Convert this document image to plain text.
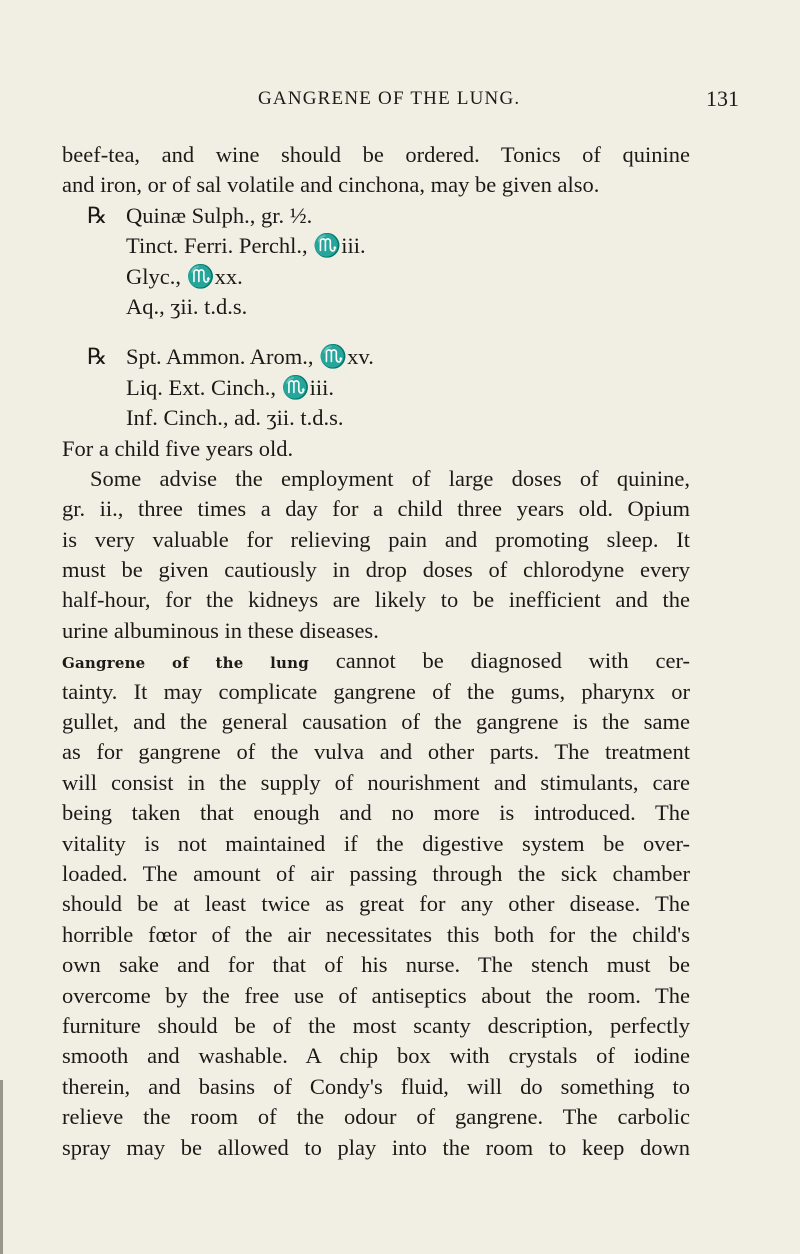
GANGRENE OF THE LUNG.	131
beef-tea, and wine should be ordered. Tonics of quinine
and iron, or of sal volatile and cinchona, may be given also.
℞ Quinæ Sulph., gr. ½.
Tinct. Ferri. Perchl., ♏iii.
Glyc., ♏xx.
Aq., ʒii. t.d.s.
℞ Spt. Ammon. Arom., ♏xv.
Liq. Ext. Cinch., ♏iii.
Inf. Cinch., ad. ʒii. t.d.s.
For a child five years old.
Some advise the employment of large doses of quinine,
gr. ii., three times a day for a child three years old. Opium
is very valuable for relieving pain and promoting sleep. It
must be given cautiously in drop doses of chlorodyne every
half-hour, for the kidneys are likely to be inefficient and the
urine albuminous in these diseases.
Gangrene of the lung cannot be diagnosed with cer-
tainty. It may complicate gangrene of the gums, pharynx or
gullet, and the general causation of the gangrene is the same
as for gangrene of the vulva and other parts. The treatment
will consist in the supply of nourishment and stimulants, care
being taken that enough and no more is introduced. The
vitality is not maintained if the digestive system be over-
loaded. The amount of air passing through the sick chamber
should be at least twice as great for any other disease. The
horrible fœtor of the air necessitates this both for the child's
own sake and for that of his nurse. The stench must be
overcome by the free use of antiseptics about the room. The
furniture should be of the most scanty description, perfectly
smooth and washable. A chip box with crystals of iodine
therein, and basins of Condy's fluid, will do something to
relieve the room of the odour of gangrene. The carbolic
spray may be allowed to play into the room to keep down
